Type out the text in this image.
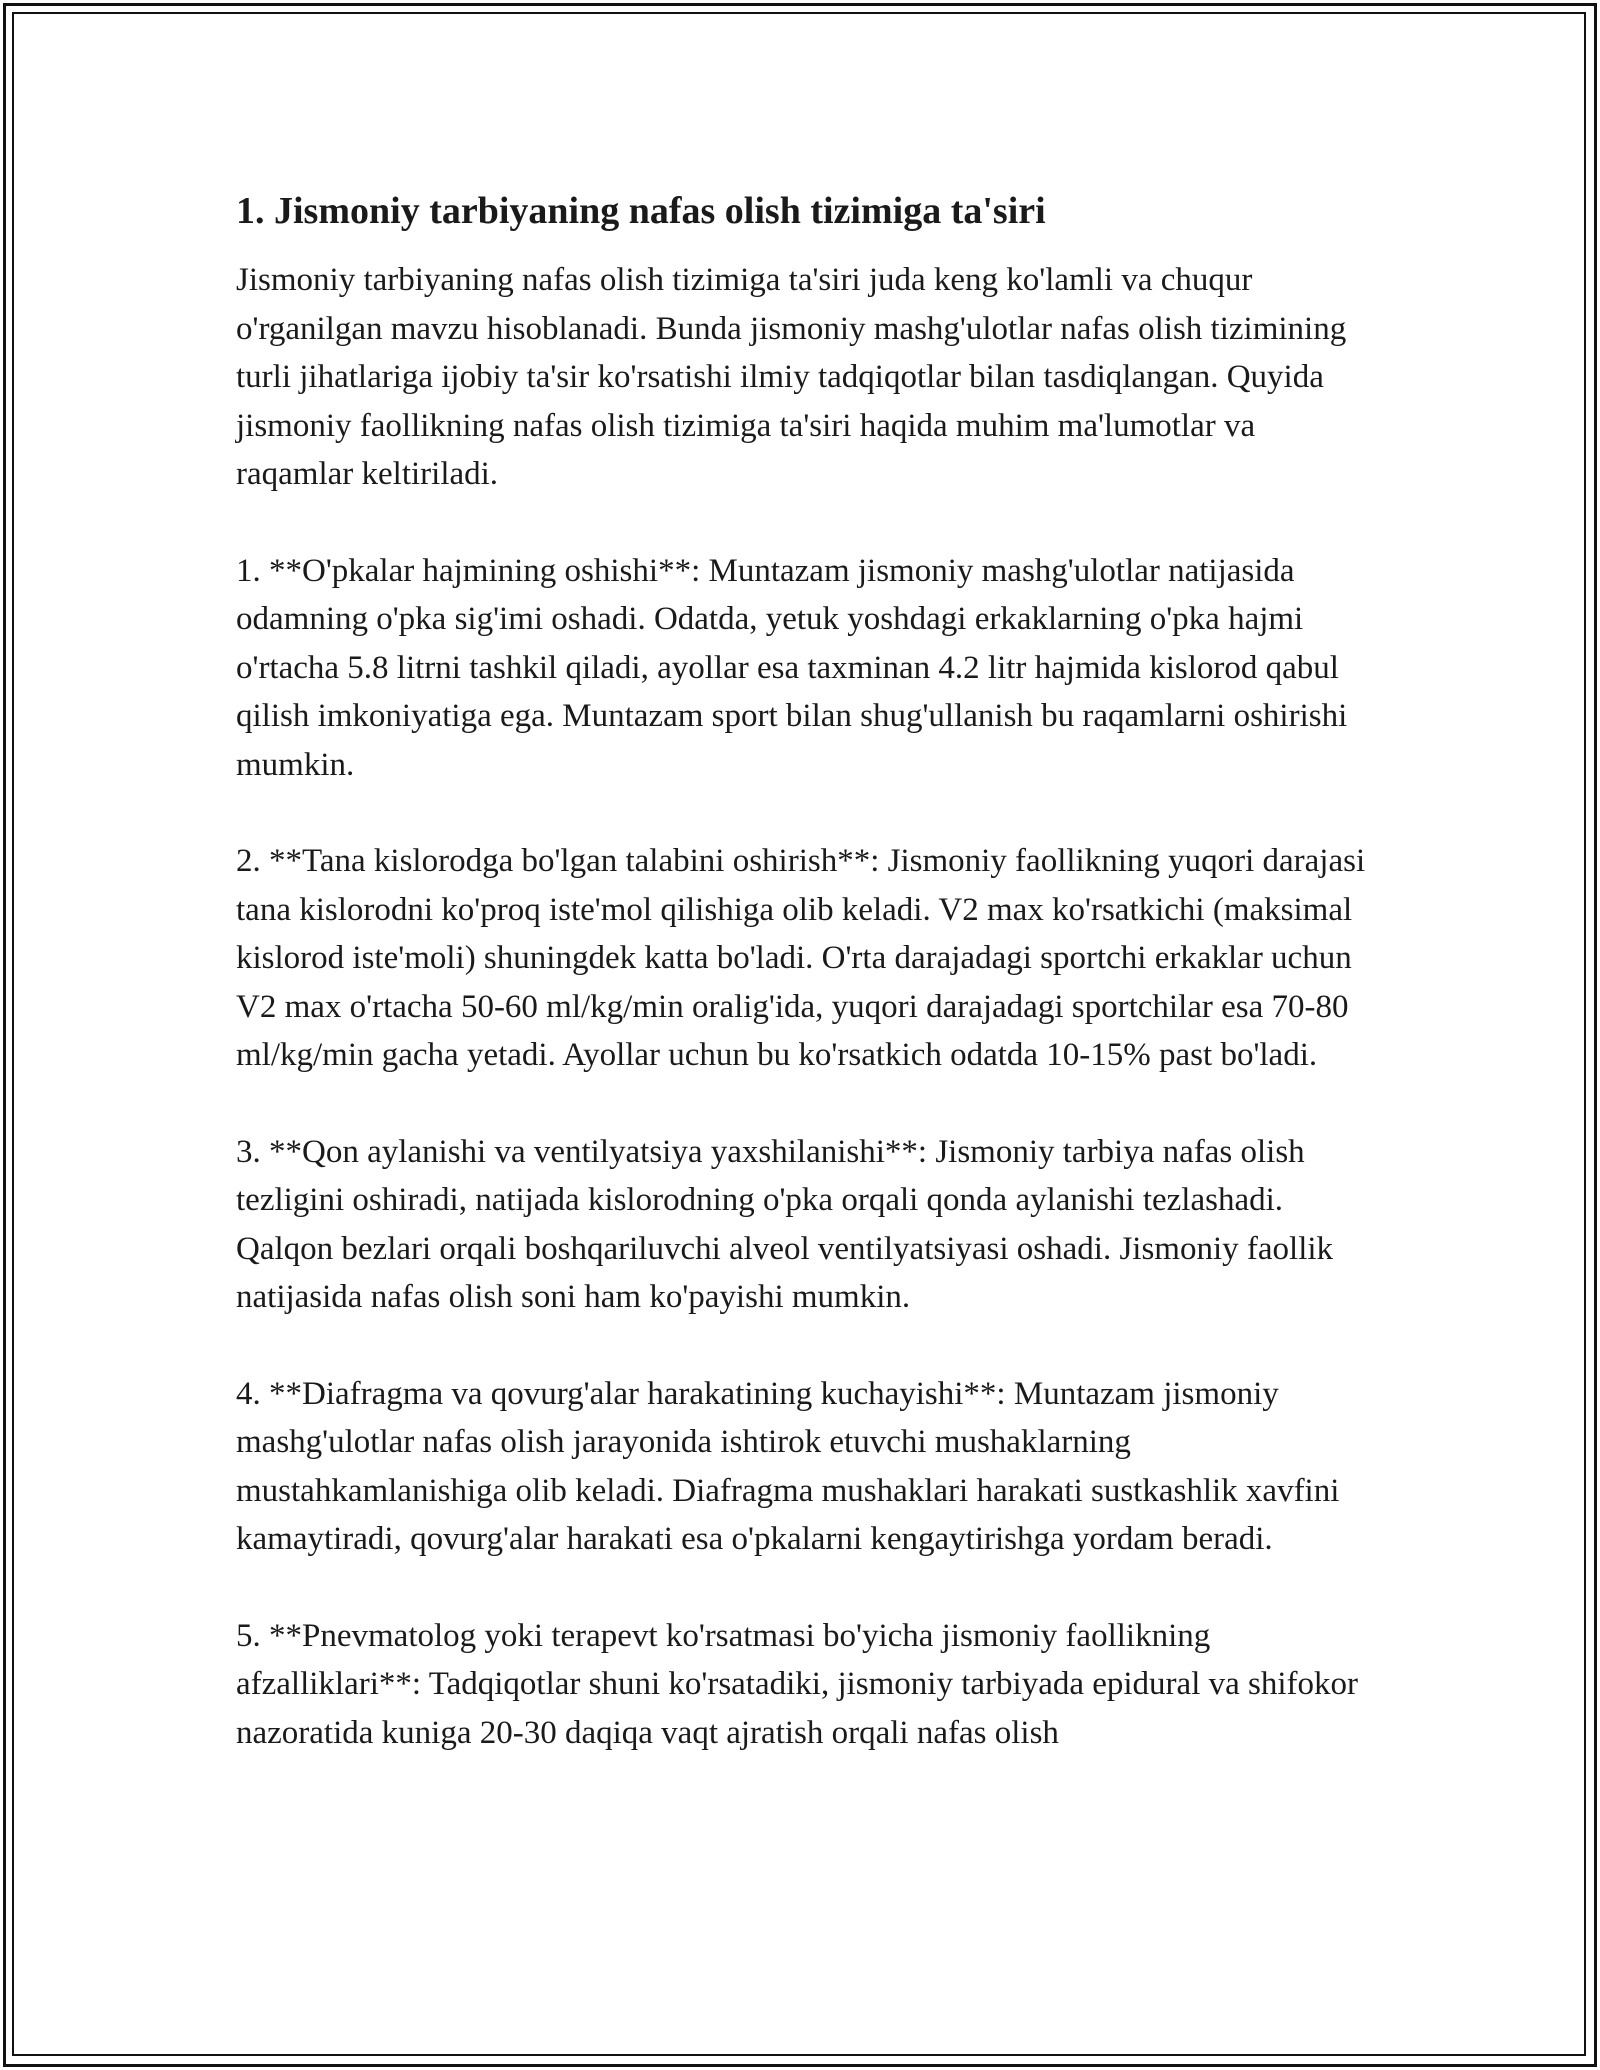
1. Jismoniy tarbiyaning nafas olish tizimiga ta'siri

Jismoniy tarbiyaning nafas olish tizimiga ta'siri juda keng ko'lamli va chuqur o'rganilgan mavzu hisoblanadi. Bunda jismoniy mashg'ulotlar nafas olish tizimining turli jihatlariga ijobiy ta'sir ko'rsatishi ilmiy tadqiqotlar bilan tasdiqlangan. Quyida jismoniy faollikning nafas olish tizimiga ta'siri haqida muhim ma'lumotlar va raqamlar keltiriladi.

1. **O'pkalar hajmining oshishi**: Muntazam jismoniy mashg'ulotlar natijasida odamning o'pka sig'imi oshadi. Odatda, yetuk yoshdagi erkaklarning o'pka hajmi o'rtacha 5.8 litrni tashkil qiladi, ayollar esa taxminan 4.2 litr hajmida kislorod qabul qilish imkoniyatiga ega. Muntazam sport bilan shug'ullanish bu raqamlarni oshirishi mumkin.

2. **Tana kislorodga bo'lgan talabini oshirish**: Jismoniy faollikning yuqori darajasi tana kislorodni ko'proq iste'mol qilishiga olib keladi. V2 max ko'rsatkichi (maksimal kislorod iste'moli) shuningdek katta bo'ladi. O'rta darajadagi sportchi erkaklar uchun V2 max o'rtacha 50-60 ml/kg/min oralig'ida, yuqori darajadagi sportchilar esa 70-80 ml/kg/min gacha yetadi. Ayollar uchun bu ko'rsatkich odatda 10-15% past bo'ladi.

3. **Qon aylanishi va ventilyatsiya yaxshilanishi**: Jismoniy tarbiya nafas olish tezligini oshiradi, natijada kislorodning o'pka orqali qonda aylanishi tezlashadi. Qalqon bezlari orqali boshqariluvchi alveol ventilyatsiyasi oshadi. Jismoniy faollik natijasida nafas olish soni ham ko'payishi mumkin.

4. **Diafragma va qovurg'alar harakatining kuchayishi**: Muntazam jismoniy mashg'ulotlar nafas olish jarayonida ishtirok etuvchi mushaklarning mustahkamlanishiga olib keladi. Diafragma mushaklari harakati sustkashlik xavfini kamaytiradi, qovurg'alar harakati esa o'pkalarni kengaytirishga yordam beradi.

5. **Pnevmatolog yoki terapevt ko'rsatmasi bo'yicha jismoniy faollikning afzalliklari**: Tadqiqotlar shuni ko'rsatadiki, jismoniy tarbiyada epidural va shifokor nazoratida kuniga 20-30 daqiqa vaqt ajratish orqali nafas olish
